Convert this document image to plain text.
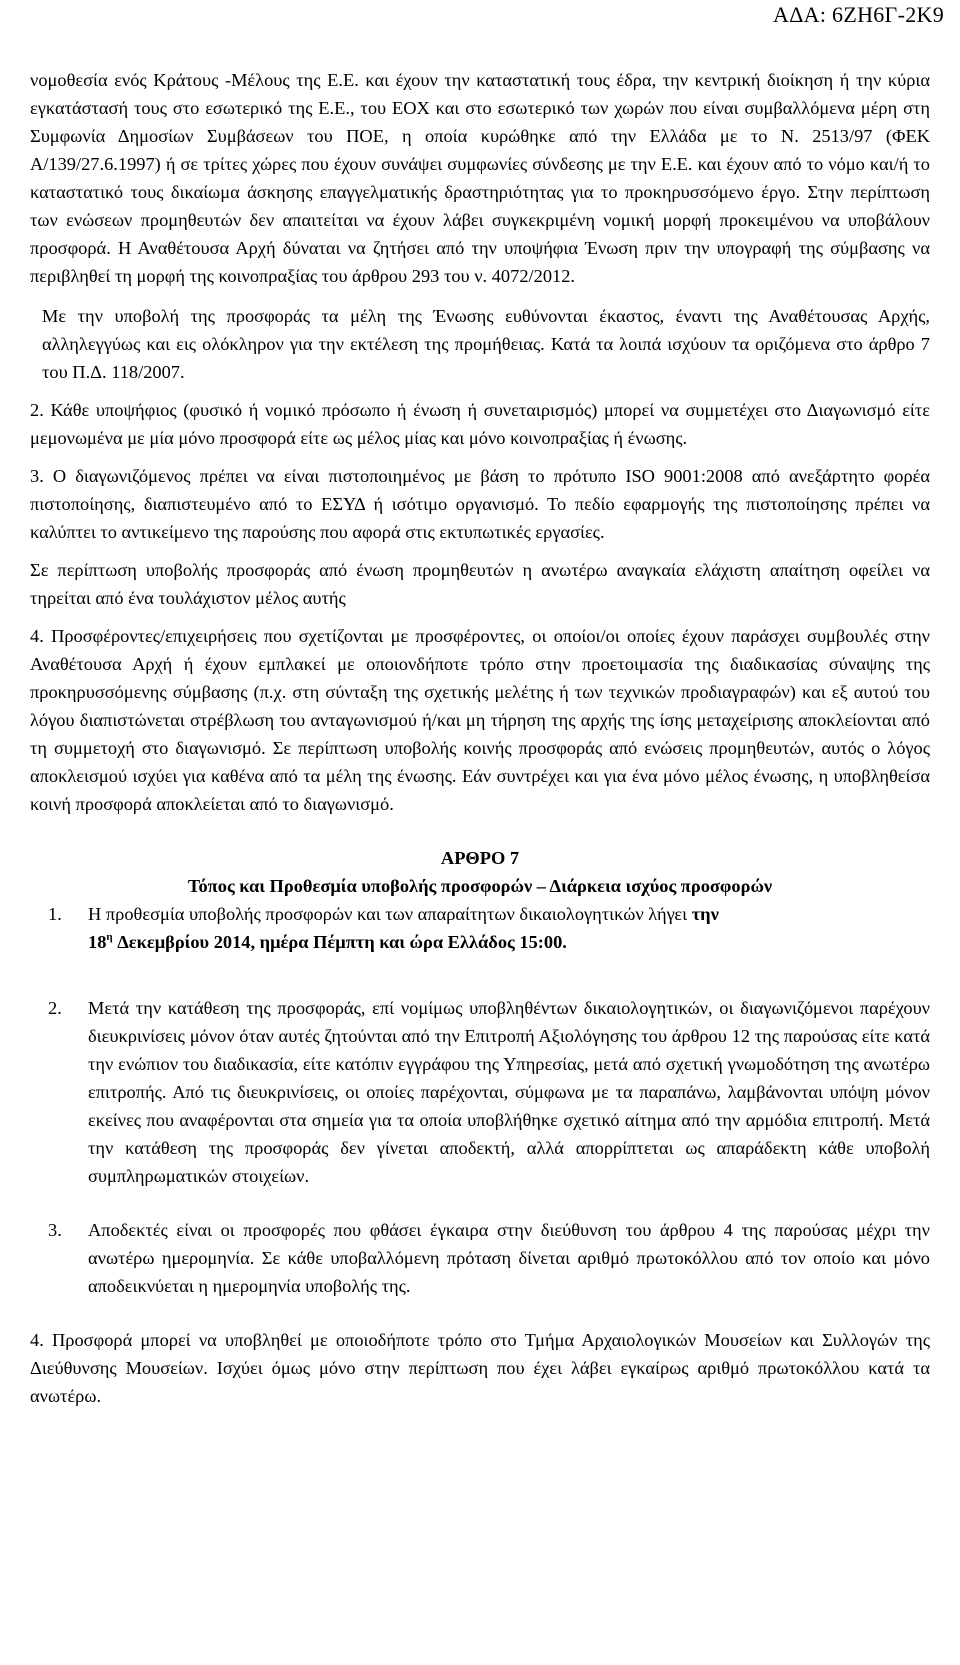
ΑΔΑ: 6ΖΗ6Γ-2Κ9

νομοθεσία ενός Κράτους -Μέλους της Ε.Ε. και έχουν την καταστατική τους έδρα, την κεντρική διοίκηση ή την κύρια εγκατάστασή τους στο εσωτερικό της Ε.Ε., του ΕΟΧ και στο εσωτερικό των χωρών που είναι συμβαλλόμενα μέρη στη Συμφωνία Δημοσίων Συμβάσεων του ΠΟΕ, η οποία κυρώθηκε από την Ελλάδα με το Ν. 2513/97 (ΦΕΚ Α/139/27.6.1997) ή σε τρίτες χώρες που έχουν συνάψει συμφωνίες σύνδεσης με την Ε.Ε. και έχουν από το νόμο και/ή το καταστατικό τους δικαίωμα άσκησης επαγγελματικής δραστηριότητας για το προκηρυσσόμενο έργο. Στην περίπτωση των ενώσεων προμηθευτών δεν απαιτείται να έχουν λάβει συγκεκριμένη νομική μορφή προκειμένου να υποβάλουν προσφορά. Η Αναθέτουσα Αρχή δύναται να ζητήσει από την υποψήφια Ένωση πριν την υπογραφή της σύμβασης να περιβληθεί τη μορφή της κοινοπραξίας του άρθρου 293 του ν. 4072/2012.

Με την υποβολή της προσφοράς τα μέλη της Ένωσης ευθύνονται έκαστος, έναντι της Αναθέτουσας Αρχής, αλληλεγγύως και εις ολόκληρον για την εκτέλεση της προμήθειας. Κατά τα λοιπά ισχύουν τα οριζόμενα στο άρθρο 7 του Π.Δ. 118/2007.

2. Κάθε υποψήφιος (φυσικό ή νομικό πρόσωπο ή ένωση ή συνεταιρισμός) μπορεί να συμμετέχει στο Διαγωνισμό είτε μεμονωμένα με μία μόνο προσφορά είτε ως μέλος μίας και μόνο κοινοπραξίας ή ένωσης.

3. Ο διαγωνιζόμενος πρέπει να είναι πιστοποιημένος με βάση το πρότυπο ISO 9001:2008 από ανεξάρτητο φορέα πιστοποίησης, διαπιστευμένο από το ΕΣΥΔ ή ισότιμο οργανισμό. Το πεδίο εφαρμογής της πιστοποίησης πρέπει να καλύπτει το αντικείμενο της παρούσης που αφορά στις εκτυπωτικές εργασίες.

Σε περίπτωση υποβολής προσφοράς από ένωση προμηθευτών η ανωτέρω αναγκαία ελάχιστη απαίτηση οφείλει να τηρείται από ένα τουλάχιστον μέλος αυτής

4. Προσφέροντες/επιχειρήσεις που σχετίζονται με προσφέροντες, οι οποίοι/οι οποίες έχουν παράσχει συμβουλές στην Αναθέτουσα Αρχή ή έχουν εμπλακεί με οποιονδήποτε τρόπο στην προετοιμασία της διαδικασίας σύναψης της προκηρυσσόμενης σύμβασης (π.χ. στη σύνταξη της σχετικής μελέτης ή των τεχνικών προδιαγραφών) και εξ αυτού του λόγου διαπιστώνεται στρέβλωση του ανταγωνισμού ή/και μη τήρηση της αρχής της ίσης μεταχείρισης αποκλείονται από τη συμμετοχή στο διαγωνισμό. Σε περίπτωση υποβολής κοινής προσφοράς από ενώσεις προμηθευτών, αυτός ο λόγος αποκλεισμού ισχύει για καθένα από τα μέλη της ένωσης. Εάν συντρέχει και για ένα μόνο μέλος ένωσης, η υποβληθείσα κοινή προσφορά αποκλείεται από το διαγωνισμό.

ΑΡΘΡΟ 7
Τόπος και Προθεσμία υποβολής προσφορών – Διάρκεια ισχύος προσφορών
1. Η προθεσμία υποβολής προσφορών και των απαραίτητων δικαιολογητικών λήγει την
$18^\eta$ Δεκεμβρίου 2014, ημέρα Πέμπτη και ώρα Ελλάδος 15:00.
2. Μετά την κατάθεση της προσφοράς, επί νομίμως υποβληθέντων δικαιολογητικών, οι διαγωνιζόμενοι παρέχουν διευκρινίσεις μόνον όταν αυτές ζητούνται από την Επιτροπή Αξιολόγησης του άρθρου 12 της παρούσας είτε κατά την ενώπιον του διαδικασία, είτε κατόπιν εγγράφου της Υπηρεσίας, μετά από σχετική γνωμοδότηση της ανωτέρω επιτροπής. Από τις διευκρινίσεις, οι οποίες παρέχονται, σύμφωνα με τα παραπάνω, λαμβάνονται υπόψη μόνον εκείνες που αναφέρονται στα σημεία για τα οποία υποβλήθηκε σχετικό αίτημα από την αρμόδια επιτροπή. Μετά την κατάθεση της προσφοράς δεν γίνεται αποδεκτή, αλλά απορρίπτεται ως απαράδεκτη κάθε υποβολή συμπληρωματικών στοιχείων.
3. Αποδεκτές είναι οι προσφορές που φθάσει έγκαιρα στην διεύθυνση του άρθρου 4 της παρούσας μέχρι την ανωτέρω ημερομηνία. Σε κάθε υποβαλλόμενη πρόταση δίνεται αριθμό πρωτοκόλλου από τον οποίο και μόνο αποδεικνύεται η ημερομηνία υποβολής της.

4. Προσφορά μπορεί να υποβληθεί με οποιοδήποτε τρόπο στο Τμήμα Αρχαιολογικών Μουσείων και Συλλογών της Διεύθυνσης Μουσείων. Ισχύει όμως μόνο στην περίπτωση που έχει λάβει εγκαίρως αριθμό πρωτοκόλλου κατά τα ανωτέρω.
